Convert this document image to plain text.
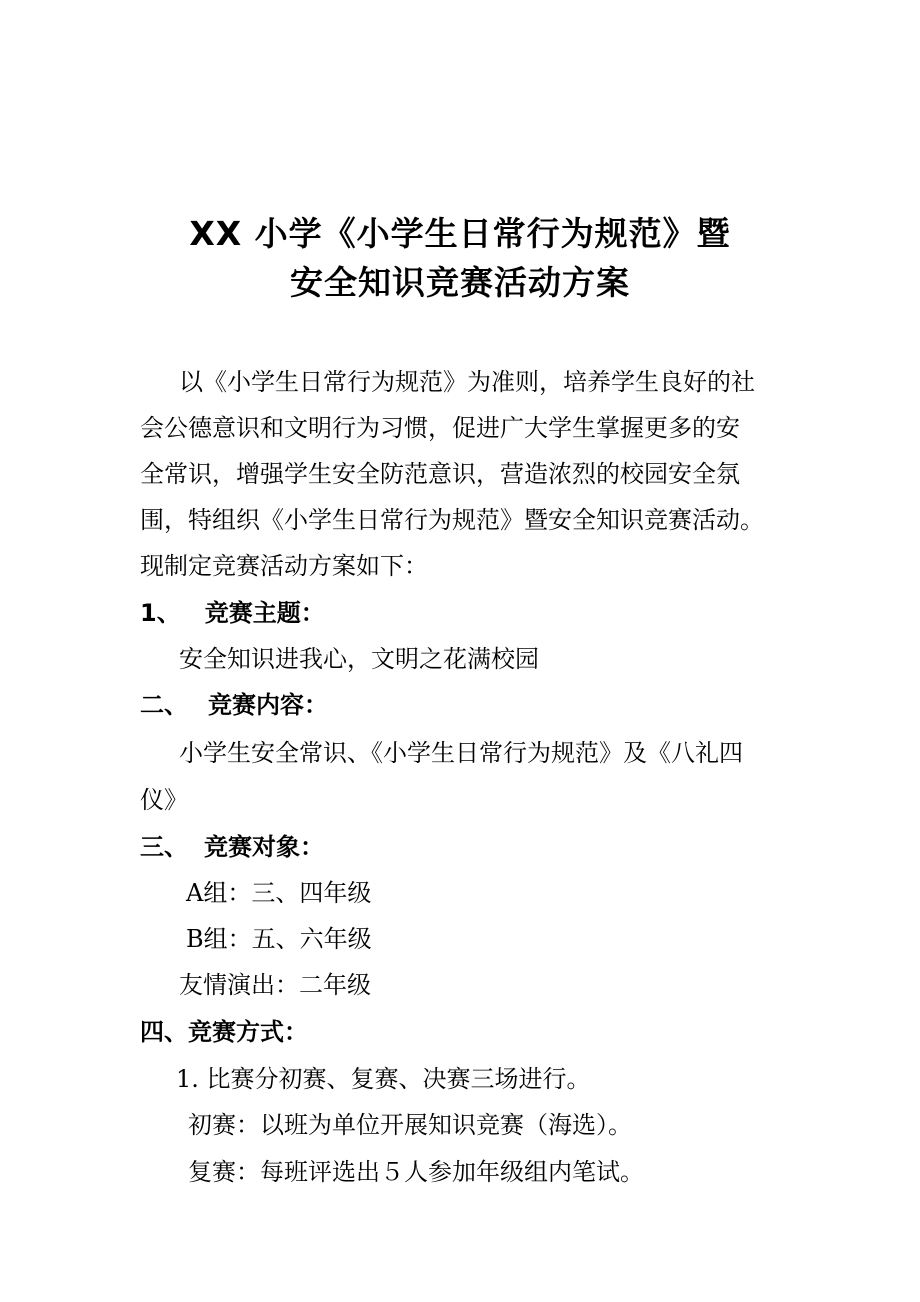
XX 小学《小学生日常行为规范》暨
安全知识竞赛活动方案
以《小学生日常行为规范》为准则，培养学生良好的社
会公德意识和文明行为习惯，促进广大学生掌握更多的安
全常识，增强学生安全防范意识，营造浓烈的校园安全氛
围，特组织《小学生日常行为规范》暨安全知识竞赛活动。
现制定竞赛活动方案如下：
1、 竞赛主题：
安全知识进我心，文明之花满校园
二、 竞赛内容：
小学生安全常识、《小学生日常行为规范》及《八礼四
仪》
三、 竞赛对象：
A组：三、四年级
B组：五、六年级
友情演出：二年级
四、竞赛方式：
1. 比赛分初赛、复赛、决赛三场进行。
初赛：以班为单位开展知识竞赛（海选）。
复赛：每班评选出５人参加年级组内笔试。
